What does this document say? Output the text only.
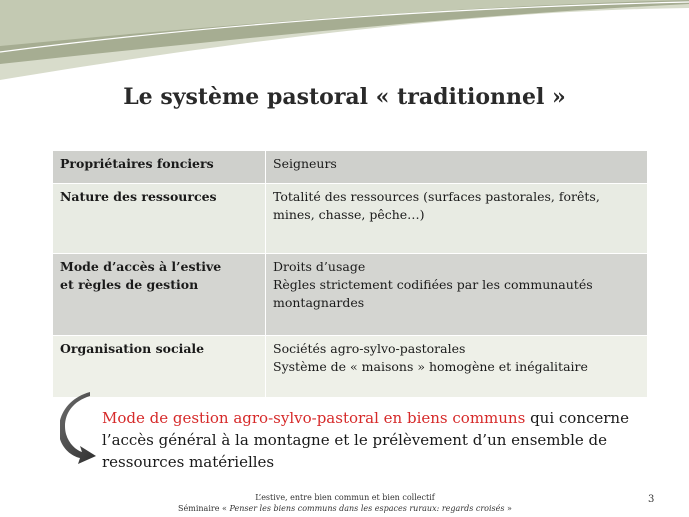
Le système pastoral « traditionnel »
Propriétaires fonciers	Seigneurs

Nature des ressources	Totalité des ressources (surfaces pastorales, forêts,
mines, chasse, pêche…)

Mode d’accès à l’estive
et règles de gestion	Droits d’usage
Règles strictement codifiées par les communautés
montagnardes

Organisation sociale	Sociétés agro-sylvo-pastorales
Système de « maisons » homogène et inégalitaire
Mode de gestion agro-sylvo-pastoral en biens communs qui concerne l’accès général à la montagne et le prélèvement d’un ensemble de ressources matérielles
L’estive, entre bien commun et bien collectif
Séminaire « Penser les biens communs dans les espaces ruraux: regards croisés »
3
